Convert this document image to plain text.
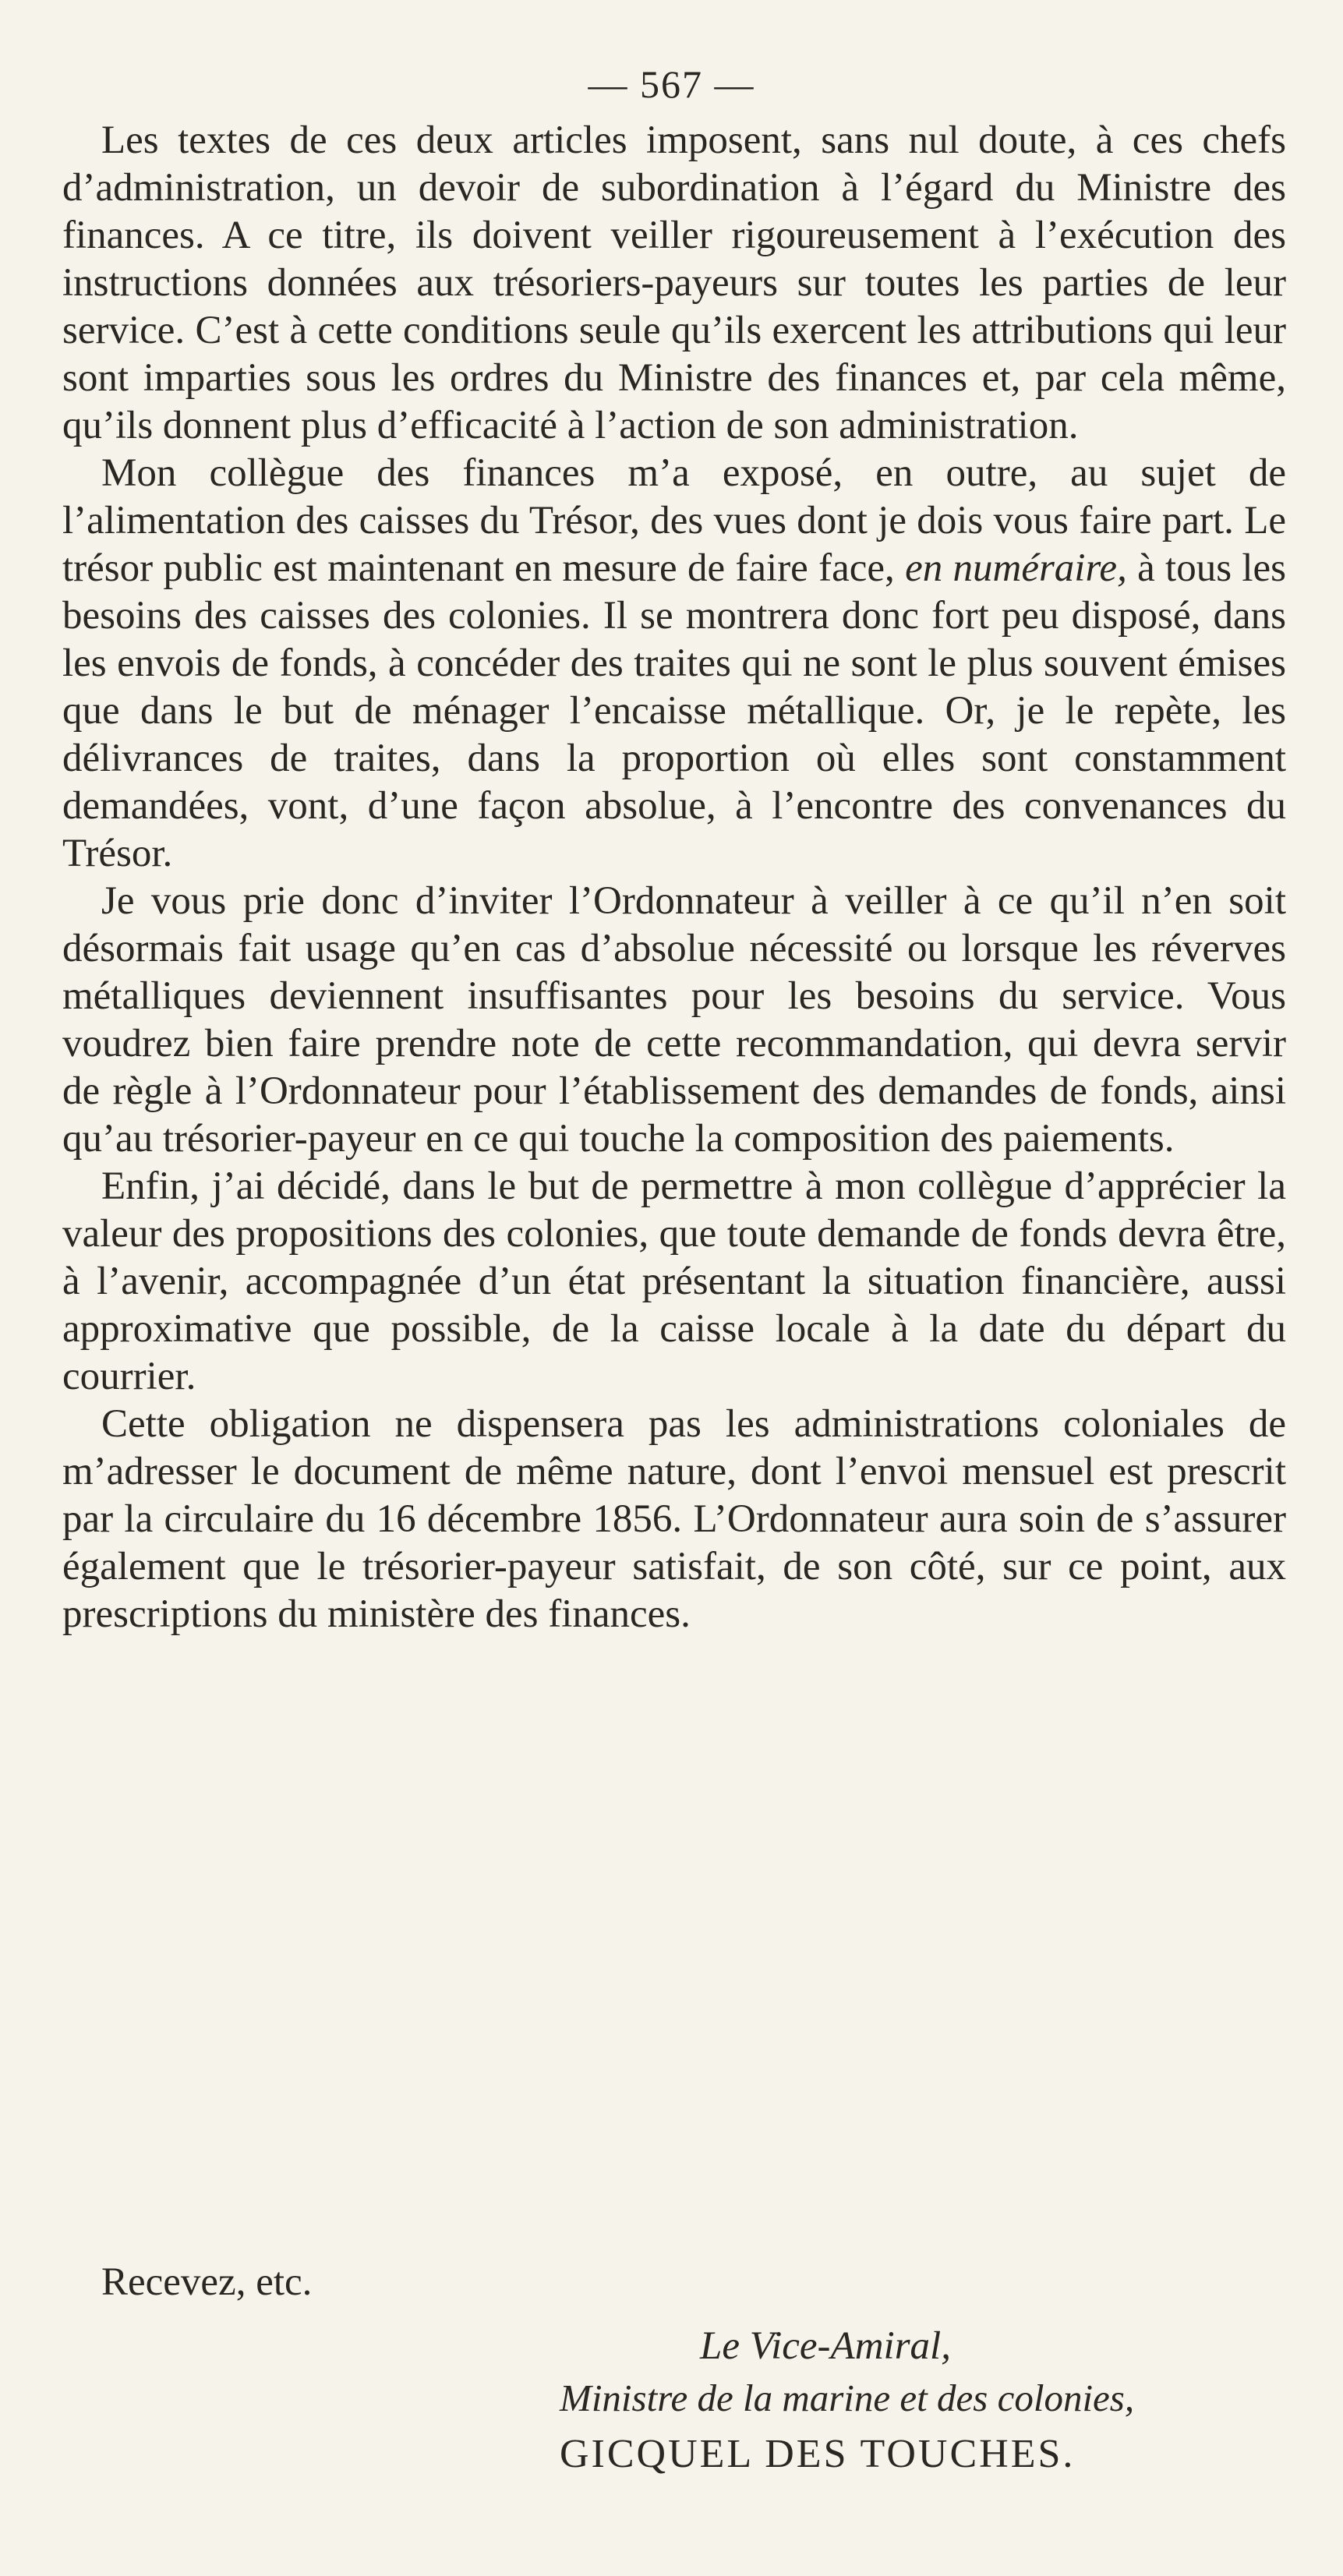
— 567 —

Les textes de ces deux articles imposent, sans nul doute, à ces chefs d’administration, un devoir de subordination à l’égard du Ministre des finances. A ce titre, ils doivent veiller rigoureusement à l’exécution des instructions données aux trésoriers-payeurs sur toutes les parties de leur service. C’est à cette conditions seule qu’ils exercent les attributions qui leur sont imparties sous les ordres du Ministre des finances et, par cela même, qu’ils donnent plus d’efficacité à l’action de son administration.

Mon collègue des finances m’a exposé, en outre, au sujet de l’alimentation des caisses du Trésor, des vues dont je dois vous faire part. Le trésor public est maintenant en mesure de faire face, en numéraire, à tous les besoins des caisses des colonies. Il se montrera donc fort peu disposé, dans les envois de fonds, à concéder des traites qui ne sont le plus souvent émises que dans le but de ménager l’encaisse métallique. Or, je le repète, les délivrances de traites, dans la proportion où elles sont constamment demandées, vont, d’une façon absolue, à l’encontre des convenances du Trésor.

Je vous prie donc d’inviter l’Ordonnateur à veiller à ce qu’il n’en soit désormais fait usage qu’en cas d’absolue nécessité ou lorsque les réverves métalliques deviennent insuffisantes pour les besoins du service. Vous voudrez bien faire prendre note de cette recommandation, qui devra servir de règle à l’Ordonnateur pour l’établissement des demandes de fonds, ainsi qu’au trésorier-payeur en ce qui touche la composition des paiements.

Enfin, j’ai décidé, dans le but de permettre à mon collègue d’apprécier la valeur des propositions des colonies, que toute demande de fonds devra être, à l’avenir, accompagnée d’un état présentant la situation financière, aussi approximative que possible, de la caisse locale à la date du départ du courrier.

Cette obligation ne dispensera pas les administrations coloniales de m’adresser le document de même nature, dont l’envoi mensuel est prescrit par la circulaire du 16 décembre 1856. L’Ordonnateur aura soin de s’assurer également que le trésorier-payeur satisfait, de son côté, sur ce point, aux prescriptions du ministère des finances.

Recevez, etc.

Le Vice-Amiral,
Ministre de la marine et des colonies,
GICQUEL DES TOUCHES.
